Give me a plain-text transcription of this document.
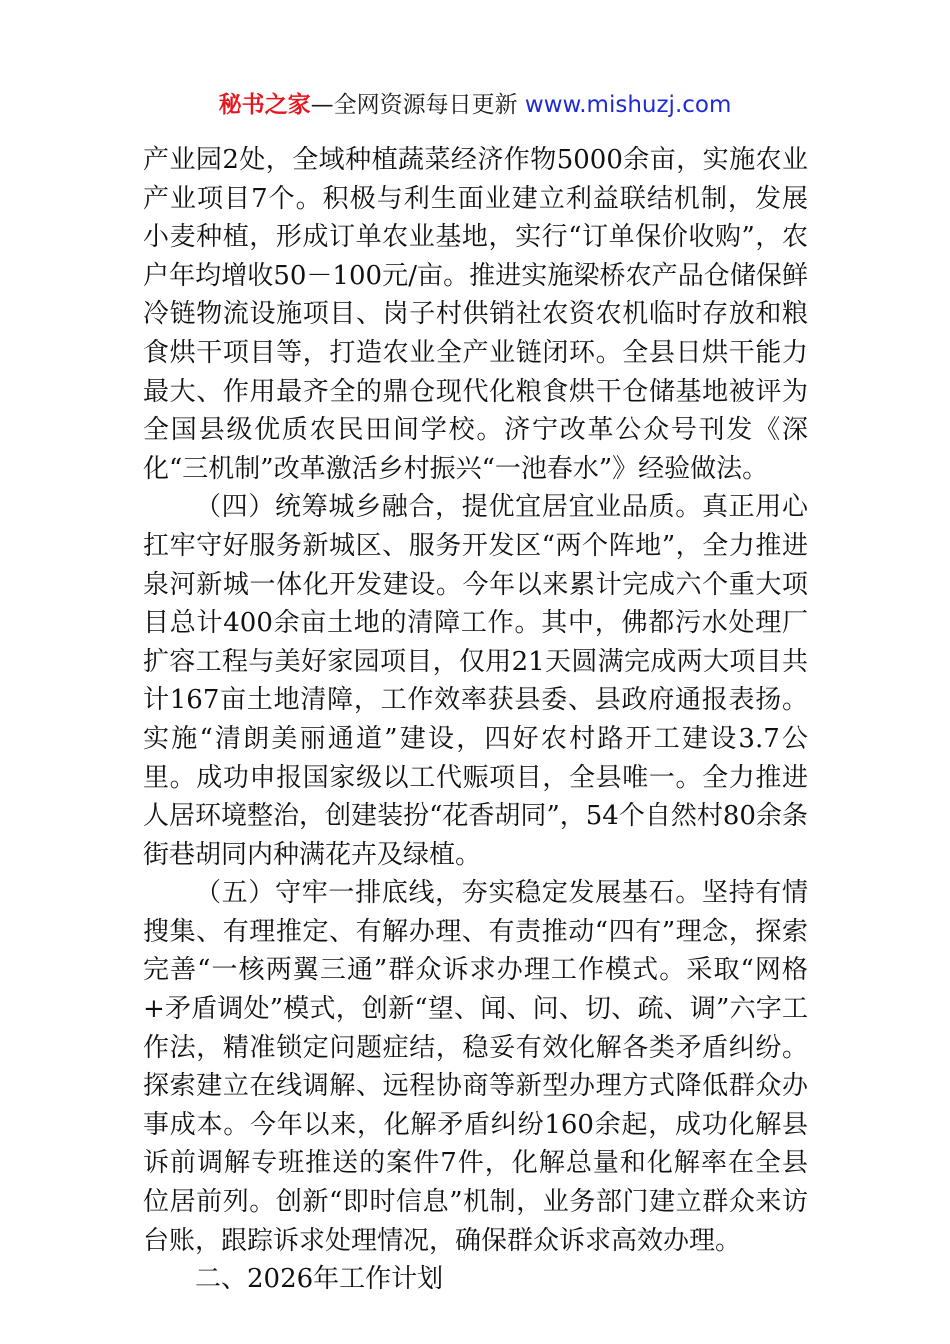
秘书之家—全网资源每日更新 www.mishuzj.com

产业园2处，全域种植蔬菜经济作物5000余亩，实施农业产业项目7个。积极与利生面业建立利益联结机制，发展小麦种植，形成订单农业基地，实行“订单保价收购”，农户年均增收50－100元/亩。推进实施梁桥农产品仓储保鲜冷链物流设施项目、岗子村供销社农资农机临时存放和粮食烘干项目等，打造农业全产业链闭环。全县日烘干能力最大、作用最齐全的鼎仓现代化粮食烘干仓储基地被评为全国县级优质农民田间学校。济宁改革公众号刊发《深化“三机制”改革激活乡村振兴“一池春水”》经验做法。

（四）统筹城乡融合，提优宜居宜业品质。真正用心扛牢守好服务新城区、服务开发区“两个阵地”，全力推进泉河新城一体化开发建设。今年以来累计完成六个重大项目总计400余亩土地的清障工作。其中，佛都污水处理厂扩容工程与美好家园项目，仅用21天圆满完成两大项目共计167亩土地清障，工作效率获县委、县政府通报表扬。实施“清朗美丽通道”建设，四好农村路开工建设3.7公里。成功申报国家级以工代赈项目，全县唯一。全力推进人居环境整治，创建装扮“花香胡同”，54个自然村80余条街巷胡同内种满花卉及绿植。

（五）守牢一排底线，夯实稳定发展基石。坚持有情搜集、有理推定、有解办理、有责推动“四有”理念，探索完善“一核两翼三通”群众诉求办理工作模式。采取“网格+矛盾调处”模式，创新“望、闻、问、切、疏、调”六字工作法，精准锁定问题症结，稳妥有效化解各类矛盾纠纷。探索建立在线调解、远程协商等新型办理方式降低群众办事成本。今年以来，化解矛盾纠纷160余起，成功化解县诉前调解专班推送的案件7件，化解总量和化解率在全县位居前列。创新“即时信息”机制，业务部门建立群众来访台账，跟踪诉求处理情况，确保群众诉求高效办理。

二、2026年工作计划
